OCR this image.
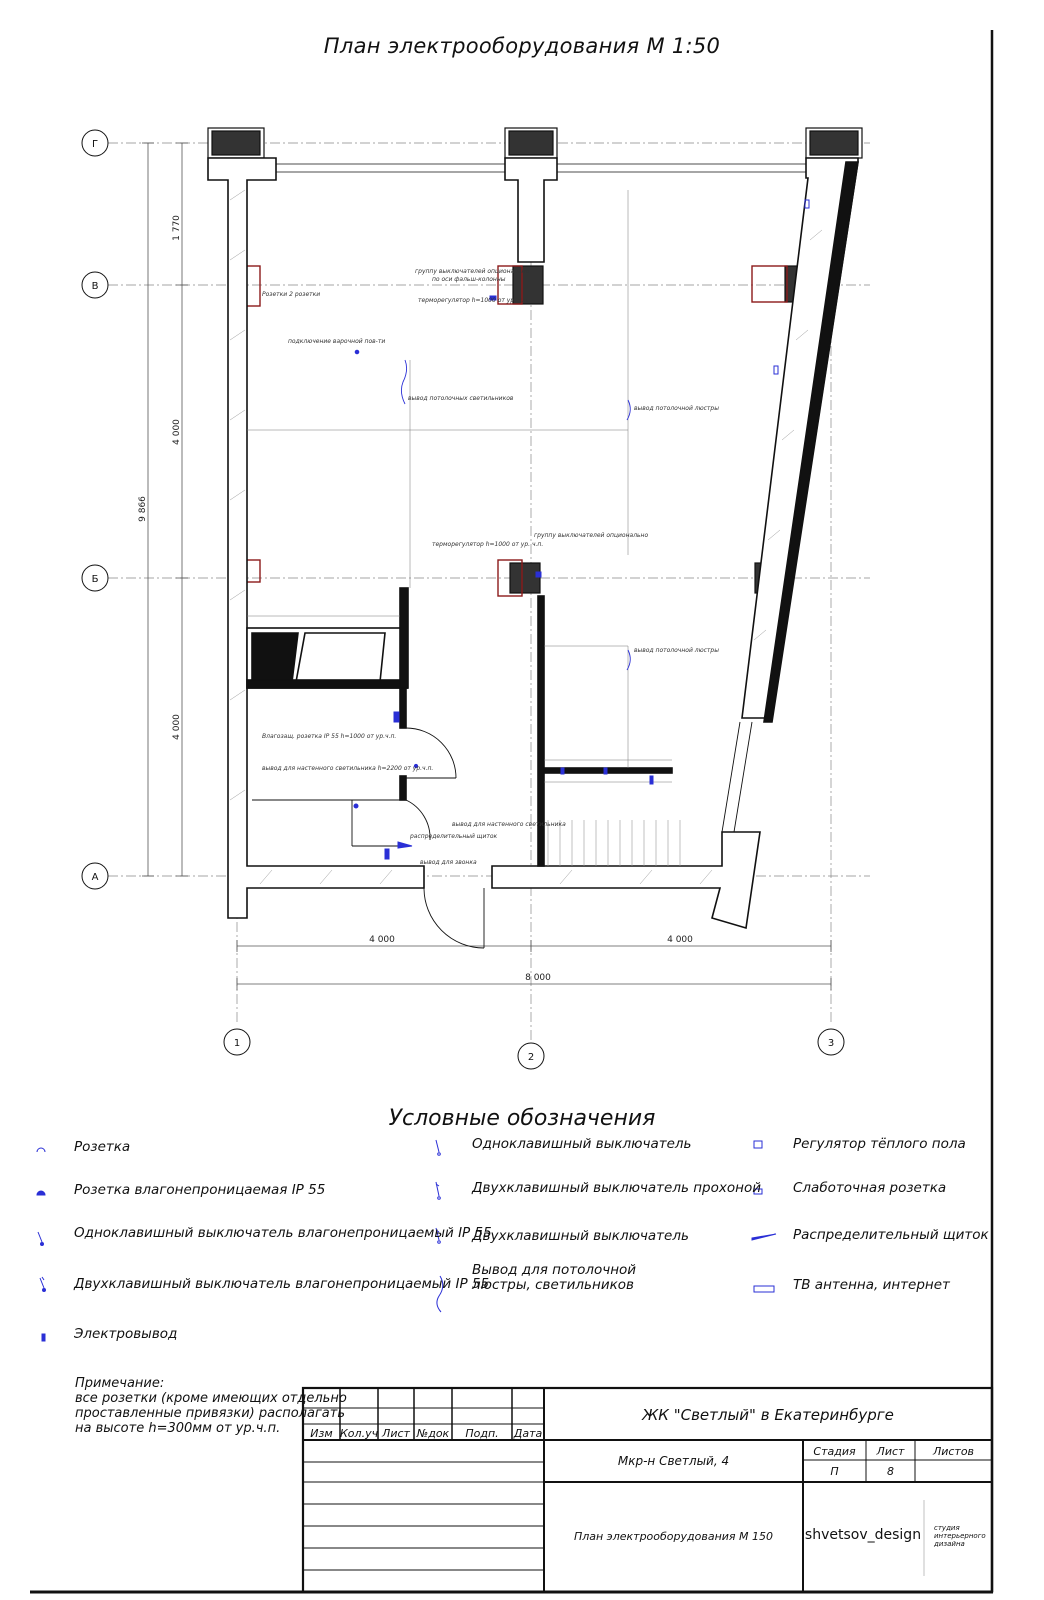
План электрооборудования М 1:50
Г
В
Б
А
1
2
3
1 770
4 000
4 000
9 866
4 000	4 000
8 000
группу выключателей опционально
по оси фальш-колонны
терморегулятор h=1000 от ур. ч.п.
подключение варочной пов-ти
вывод потолочных светильников
вывод потолочной люстры
Розетки 2 розетки
группу выключателей опционально
терморегулятор h=1000 от ур. ч.п.
вывод потолочной люстры
Влагозащ. розетка IP 55 h=1000 от ур.ч.п.
вывод для настенного светильника h=2200 от ур.ч.п.
распределительный щиток
вывод для звонка
вывод для настенного светильника
Условные обозначения
Розетка
Розетка влагонепроницаемая IP 55
Одноклавишный выключатель влагонепроницаемый IP 55
Двухклавишный выключатель влагонепроницаемый IP 55
Электровывод
Одноклавишный выключатель
Двухклавишный выключатель прохоной
Двухклавишный выключатель
Вывод для потолочной люстры, светильников
Регулятор тёплого пола
Слаботочная розетка
Распределительный щиток
ТВ антенна, интернет
Примечание:
все розетки (кроме имеющих отдельно
проставленные привязки) располагать
на высоте h=300мм от ур.ч.п.	Изм Кол.уч Лист №док	Подп.	Дата
ЖК "Светлый" в Екатеринбурге
Мкр-н Светлый, 4
План электрооборудования М 150
Стадия	Лист	Листов
П	8
shvetsov_design студия интерьерного дизайна
